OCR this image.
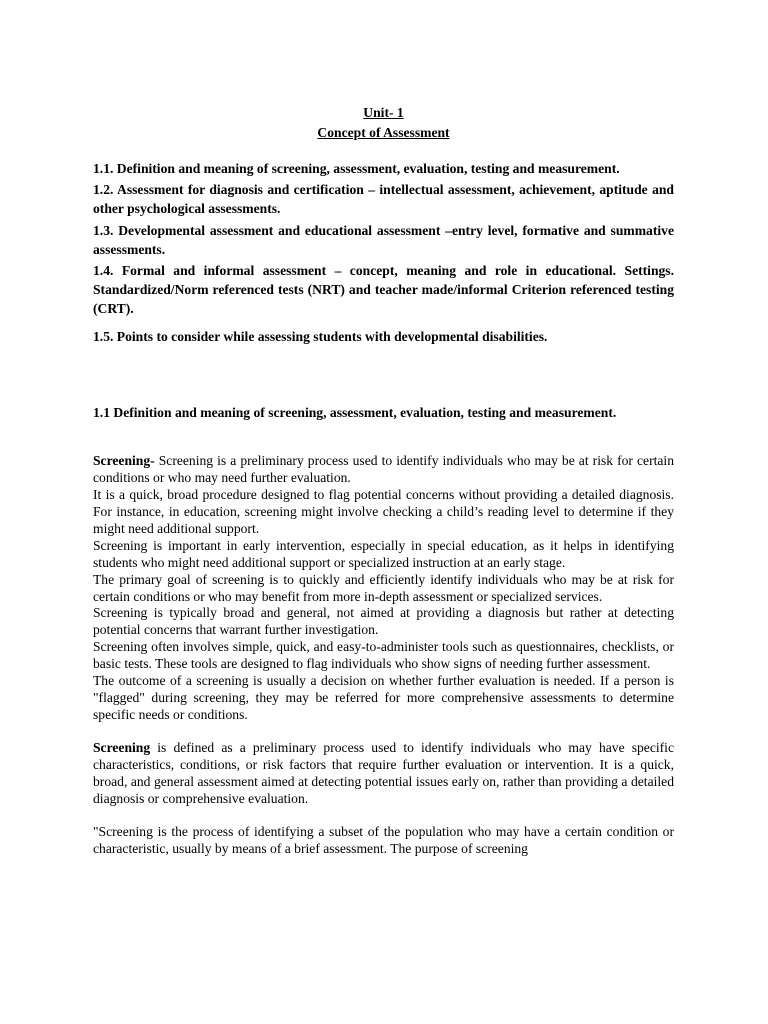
Unit- 1

Concept of Assessment

1.1. Definition and meaning of screening, assessment, evaluation, testing and measurement.

1.2. Assessment for diagnosis and certification – intellectual assessment, achievement, aptitude and other psychological assessments.

1.3. Developmental assessment and educational assessment –entry level, formative and summative assessments.

1.4. Formal and informal assessment – concept, meaning and role in educational. Settings. Standardized/Norm referenced tests (NRT) and teacher made/informal Criterion referenced testing (CRT).

1.5. Points to consider while assessing students with developmental disabilities.

1.1 Definition and meaning of screening, assessment, evaluation, testing and measurement.

Screening- Screening is a preliminary process used to identify individuals who may be at risk for certain conditions or who may need further evaluation.

It is a quick, broad procedure designed to flag potential concerns without providing a detailed diagnosis. For instance, in education, screening might involve checking a child’s reading level to determine if they might need additional support.

Screening is important in early intervention, especially in special education, as it helps in identifying students who might need additional support or specialized instruction at an early stage.

The primary goal of screening is to quickly and efficiently identify individuals who may be at risk for certain conditions or who may benefit from more in-depth assessment or specialized services.

Screening is typically broad and general, not aimed at providing a diagnosis but rather at detecting potential concerns that warrant further investigation.

Screening often involves simple, quick, and easy-to-administer tools such as questionnaires, checklists, or basic tests. These tools are designed to flag individuals who show signs of needing further assessment.

The outcome of a screening is usually a decision on whether further evaluation is needed. If a person is "flagged" during screening, they may be referred for more comprehensive assessments to determine specific needs or conditions.

Screening is defined as a preliminary process used to identify individuals who may have specific characteristics, conditions, or risk factors that require further evaluation or intervention. It is a quick, broad, and general assessment aimed at detecting potential issues early on, rather than providing a detailed diagnosis or comprehensive evaluation.

"Screening is the process of identifying a subset of the population who may have a certain condition or characteristic, usually by means of a brief assessment. The purpose of screening
